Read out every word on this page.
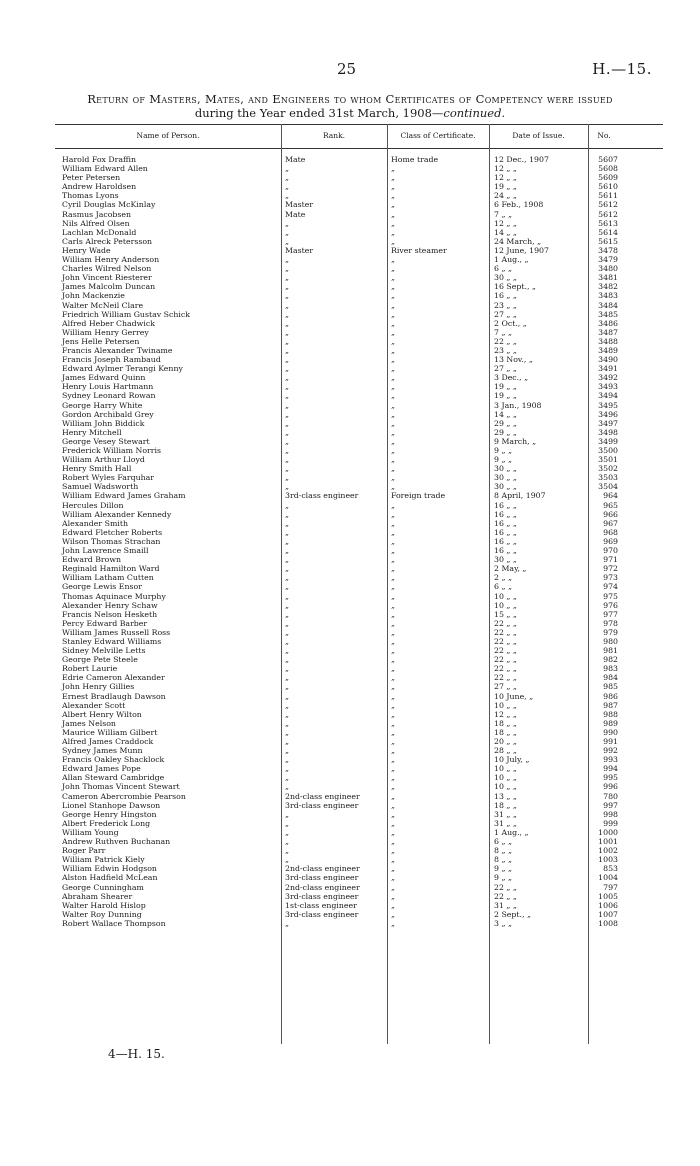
25	H.—15.
Return of Masters, Mates, and Engineers to whom Certificates of Competency were issued
during the Year ended 31st March, 1908—continued.
Name of Person.	Rank.	Class of Certificate.	Date of Issue.	No.
Harold Fox Draffin	Mate	Home trade	12 Dec., 1907	5607
William Edward Allen	„	„	12 „ „	5608
Peter Petersen	„	„	12 „ „	5609
Andrew Haroldsen	„	„	19 „ „	5610
Thomas Lyons	„	„	24 „ „	5611
Cyril Douglas McKinlay	Master	„	6 Feb., 1908	5612
Rasmus Jacobsen	Mate	„	7 „ „	5612
Nils Alfred Olsen	„	„	12 „ „	5613
Lachlan McDonald	„	„	14 „ „	5614
Carls Alreck Petersson	„	„	24 March, „	5615
Henry Wade	Master	River steamer	12 June, 1907	3478
William Henry Anderson	„	„	1 Aug., „	3479
Charles Wilred Nelson	„	„	6 „ „	3480
John Vincent Riesterer	„	„	30 „ „	3481
James Malcolm Duncan	„	„	16 Sept., „	3482
John Mackenzie	„	„	16 „ „	3483
Walter McNeil Clare	„	„	23 „ „	3484
Friedrich William Gustav Schick	„	„	27 „ „	3485
Alfred Heber Chadwick	„	„	2 Oct., „	3486
William Henry Gerrey	„	„	7 „ „	3487
Jens Helle Petersen	„	„	22 „ „	3488
Francis Alexander Twiname	„	„	23 „ „	3489
Francis Joseph Rambaud	„	„	13 Nov., „	3490
Edward Aylmer Terangi Kenny	„	„	27 „ „	3491
James Edward Quinn	„	„	3 Dec., „	3492
Henry Louis Hartmann	„	„	19 „ „	3493
Sydney Leonard Rowan	„	„	19 „ „	3494
George Harry White	„	„	3 Jan., 1908	3495
Gordon Archibald Grey	„	„	14 „ „	3496
William John Biddick	„	„	29 „ „	3497
Henry Mitchell	„	„	29 „ „	3498
George Vesey Stewart	„	„	9 March, „	3499
Frederick William Norris	„	„	9 „ „	3500
William Arthur Lloyd	„	„	9 „ „	3501
Henry Smith Hall	„	„	30 „ „	3502
Robert Wyles Farquhar	„	„	30 „ „	3503
Samuel Wadsworth	„	„	30 „ „	3504
William Edward James Graham	3rd-class engineer	Foreign trade	8 April, 1907	964
Hercules Dillon	„	„	16 „ „	965
William Alexander Kennedy	„	„	16 „ „	966
Alexander Smith	„	„	16 „ „	967
Edward Fletcher Roberts	„	„	16 „ „	968
Wilson Thomas Strachan	„	„	16 „ „	969
John Lawrence Smaill	„	„	16 „ „	970
Edward Brown	„	„	30 „ „	971
Reginald Hamilton Ward	„	„	2 May, „	972
William Latham Cutten	„	„	2 „ „	973
George Lewis Ensor	„	„	6 „ „	974
Thomas Aquinace Murphy	„	„	10 „ „	975
Alexander Henry Schaw	„	„	10 „ „	976
Francis Nelson Hesketh	„	„	15 „ „	977
Percy Edward Barber	„	„	22 „ „	978
William James Russell Ross	„	„	22 „ „	979
Stanley Edward Williams	„	„	22 „ „	980
Sidney Melville Letts	„	„	22 „ „	981
George Pete Steele	„	„	22 „ „	982
Robert Laurie	„	„	22 „ „	983
Edrie Cameron Alexander	„	„	22 „ „	984
John Henry Gillies	„	„	27 „ „	985
Ernest Bradlaugh Dawson	„	„	10 June, „	986
Alexander Scott	„	„	10 „ „	987
Albert Henry Wilton	„	„	12 „ „	988
James Nelson	„	„	18 „ „	989
Maurice William Gilbert	„	„	18 „ „	990
Alfred James Craddock	„	„	20 „ „	991
Sydney James Munn	„	„	28 „ „	992
Francis Oakley Shacklock	„	„	10 July, „	993
Edward James Pope	„	„	10 „ „	994
Allan Steward Cambridge	„	„	10 „ „	995
John Thomas Vincent Stewart	„	„	10 „ „	996
Cameron Abercrombie Pearson	2nd-class engineer	„	13 „ „	780
Lionel Stanhope Dawson	3rd-class engineer	„	18 „ „	997
George Henry Hingston	„	„	31 „ „	998
Albert Frederick Long	„	„	31 „ „	999
William Young	„	„	1 Aug., „	1000
Andrew Ruthven Buchanan	„	„	6 „ „	1001
Roger Parr	„	„	8 „ „	1002
William Patrick Kiely	„	„	8 „ „	1003
William Edwin Hodgson	2nd-class engineer	„	9 „ „	853
Alston Hadfield McLean	3rd-class engineer	„	9 „ „	1004
George Cunningham	2nd-class engineer	„	22 „ „	797
Abraham Shearer	3rd-class engineer	„	22 „ „	1005
Walter Harold Hislop	1st-class engineer	„	31 „ „	1006
Walter Roy Dunning	3rd-class engineer	„	2 Sept., „	1007
Robert Wallace Thompson	„	„	3 „ „	1008
4—H. 15.
